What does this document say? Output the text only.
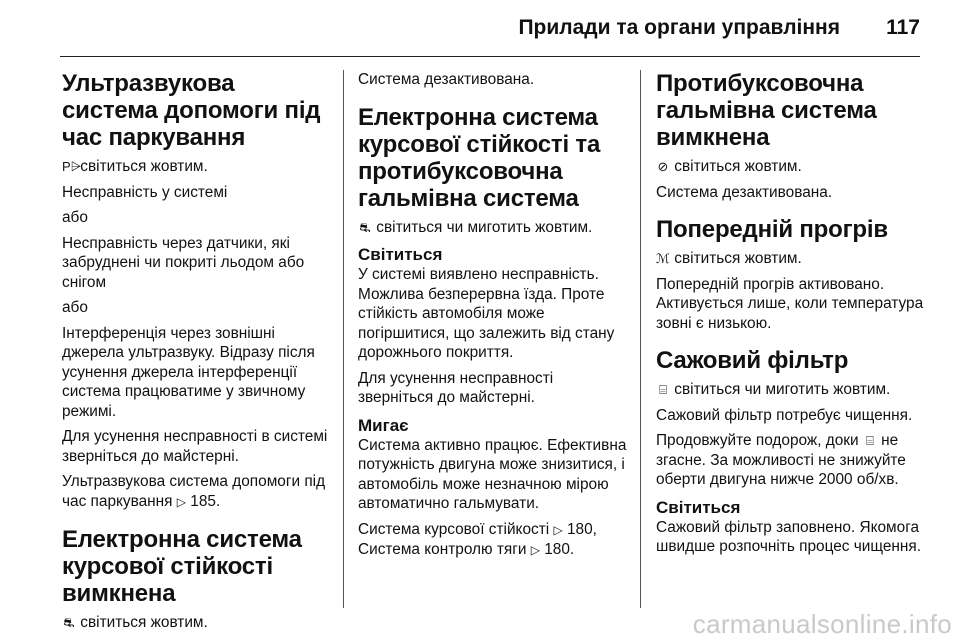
Прилади та органи управління 117
Ультразвукова система допомоги під час паркування

P⩥ світиться жовтим.

Несправність у системі

або

Несправність через датчики, які забруднені чи покриті льодом або снігом

або

Інтерференція через зовнішні джерела ультразвуку. Відразу після усунення джерела інтерференції система працюватиме у звичному режимі.

Для усунення несправності в системі зверніться до майстерні.

Ультразвукова система допомоги під час паркування ▷ 185.

Електронна система курсової стійкості вимкнена

⛐ світиться жовтим.

Система дезактивована.

Електронна система курсової стійкості та протибуксовочна гальмівна система

⛐ світиться чи миготить жовтим.

Світиться

У системі виявлено несправність. Можлива безперервна їзда. Проте стійкість автомобіля може погіршитися, що залежить від стану дорожнього покриття.

Для усунення несправності зверніться до майстерні.

Мигає

Система активно працює. Ефективна потужність двигуна може знизитися, і автомобіль може незначною мірою автоматично гальмувати.

Система курсової стійкості ▷ 180,
Система контролю тяги ▷ 180.

Протибуксовочна гальмівна система вимкнена

⊘ світиться жовтим.

Система дезактивована.

Попередній прогрів

ℳ світиться жовтим.

Попередній прогрів активовано. Активується лише, коли температура зовні є низькою.

Сажовий фільтр

⌸ світиться чи миготить жовтим.

Сажовий фільтр потребує чищення.

Продовжуйте подорож, доки ⌸ не згасне. За можливості не знижуйте оберти двигуна нижче 2000 об/хв.

Світиться

Сажовий фільтр заповнено. Якомога швидше розпочніть процес чищення.

carmanualsonline.info
